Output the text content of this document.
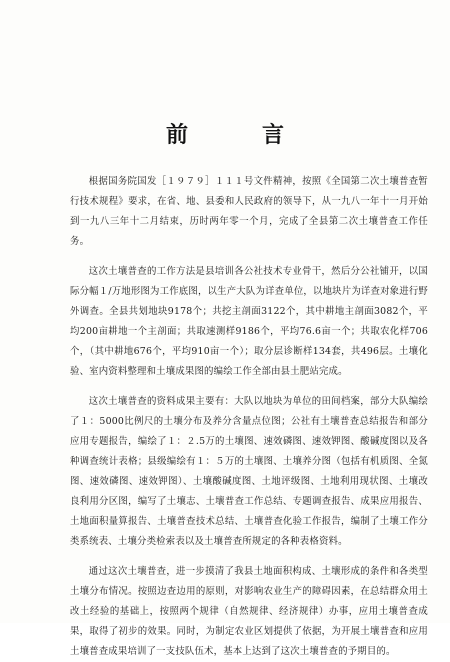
前　言

根据国务院国发［１９７９］１１１号文件精神，按照《全国第二次土壤普查暂行技术规程》要求，在省、地、县委和人民政府的领导下，从一九八一年十一月开始到一九八三年十二月结束，历时两年零一个月，完成了全县第二次土壤普查工作任务。

这次土壤普查的工作方法是县培训各公社技术专业骨干，然后分公社铺开，以国际分幅１/万地形图为工作底图，以生产大队为详查单位，以地块片为详查对象进行野外调查。全县共划地块9178个；共挖主剖面3122个，其中耕地主剖面3082个，平均200亩耕地一个主剖面；共取速测样9186个，平均76.6亩一个；共取农化样706个，（其中耕地676个，平均910亩一个）；取分层诊断样134套，共496层。土壤化验、室内资料整理和土壤成果图的编绘工作全部由县土肥站完成。

这次土壤普查的资料成果主要有：大队以地块为单位的田间档案，部分大队编绘了１：5000比例尺的土壤分布及养分含量点位图；公社有土壤普查总结报告和部分应用专题报告，编绘了１：２.5万的土壤图、速效磷图、速效钾图、酸碱度图以及各种调查统计表格；县级编绘有１：５万的土壤图、土壤养分图（包括有机质图、全氮图、速效磷图、速效钾图）、土壤酸碱度图、土地评级图、土地利用现状图、土壤改良利用分区图，编写了土壤志、土壤普查工作总结、专题调查报告、成果应用报告、土地面积量算报告、土壤普查技术总结、土壤普查化验工作报告，编制了土壤工作分类系统表、土壤分类检索表以及土壤普查所规定的各种表格资料。

通过这次土壤普查，进一步摸清了我县土地面积构成、土壤形成的条件和各类型土壤分布情况。按照边查边用的原则，对影响农业生产的障碍因素，在总结群众用土改土经验的基础上，按照两个规律（自然规律、经济规律）办事，应用土壤普查成果，取得了初步的效果。同时，为制定农业区划提供了依据，为开展土壤普查和应用土壤普查成果培训了一支技队伍术，基本上达到了这次土壤普查的予期目的。
